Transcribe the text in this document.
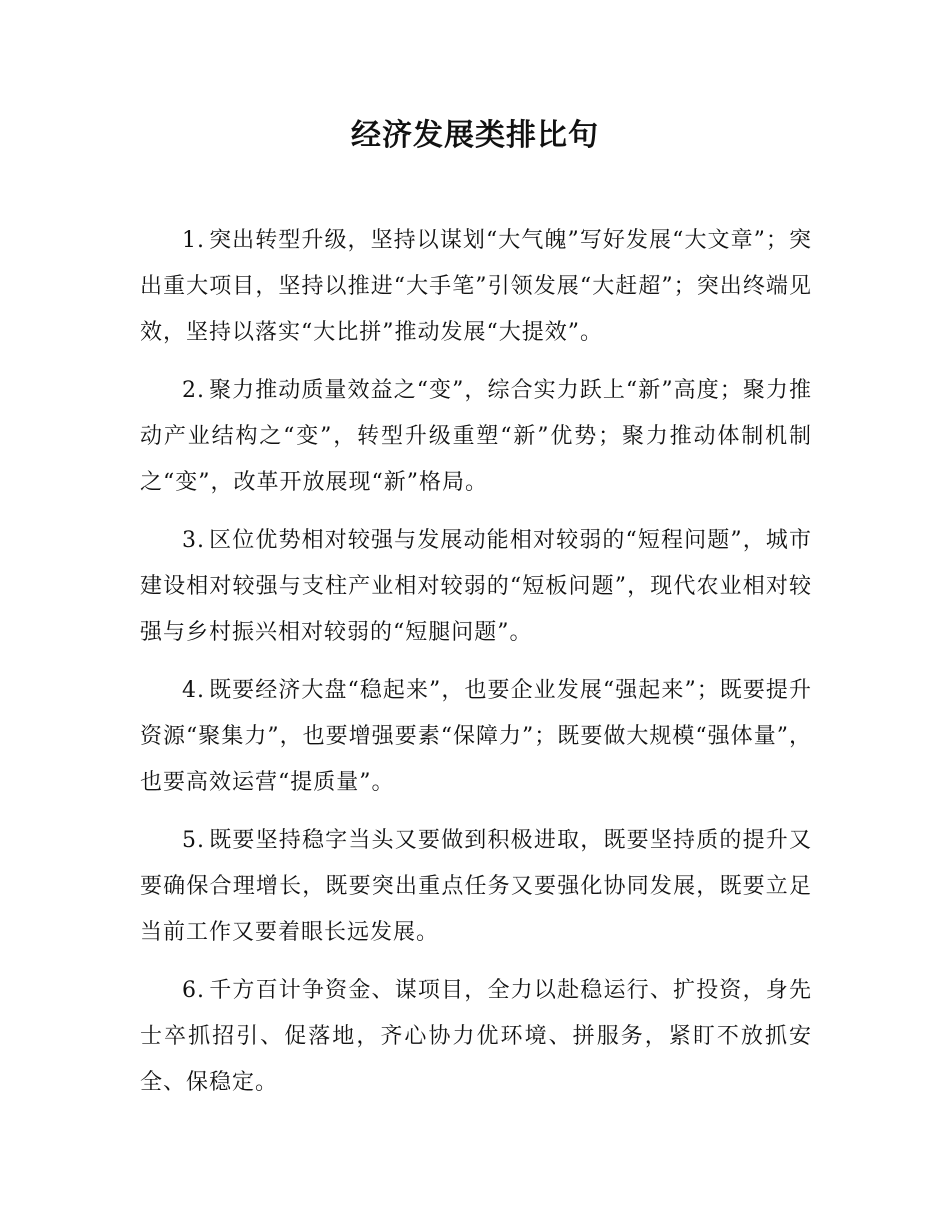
经济发展类排比句

1. 突出转型升级，坚持以谋划“大气魄”写好发展“大文章”；突出重大项目，坚持以推进“大手笔”引领发展“大赶超”；突出终端见效，坚持以落实“大比拼”推动发展“大提效”。

2. 聚力推动质量效益之“变”，综合实力跃上“新”高度；聚力推动产业结构之“变”，转型升级重塑“新”优势；聚力推动体制机制之“变”，改革开放展现“新”格局。

3. 区位优势相对较强与发展动能相对较弱的“短程问题”，城市建设相对较强与支柱产业相对较弱的“短板问题”，现代农业相对较强与乡村振兴相对较弱的“短腿问题”。

4. 既要经济大盘“稳起来”，也要企业发展“强起来”；既要提升资源“聚集力”，也要增强要素“保障力”；既要做大规模“强体量”，也要高效运营“提质量”。

5. 既要坚持稳字当头又要做到积极进取，既要坚持质的提升又要确保合理增长，既要突出重点任务又要强化协同发展，既要立足当前工作又要着眼长远发展。

6. 千方百计争资金、谋项目，全力以赴稳运行、扩投资，身先士卒抓招引、促落地，齐心协力优环境、拼服务，紧盯不放抓安全、保稳定。
